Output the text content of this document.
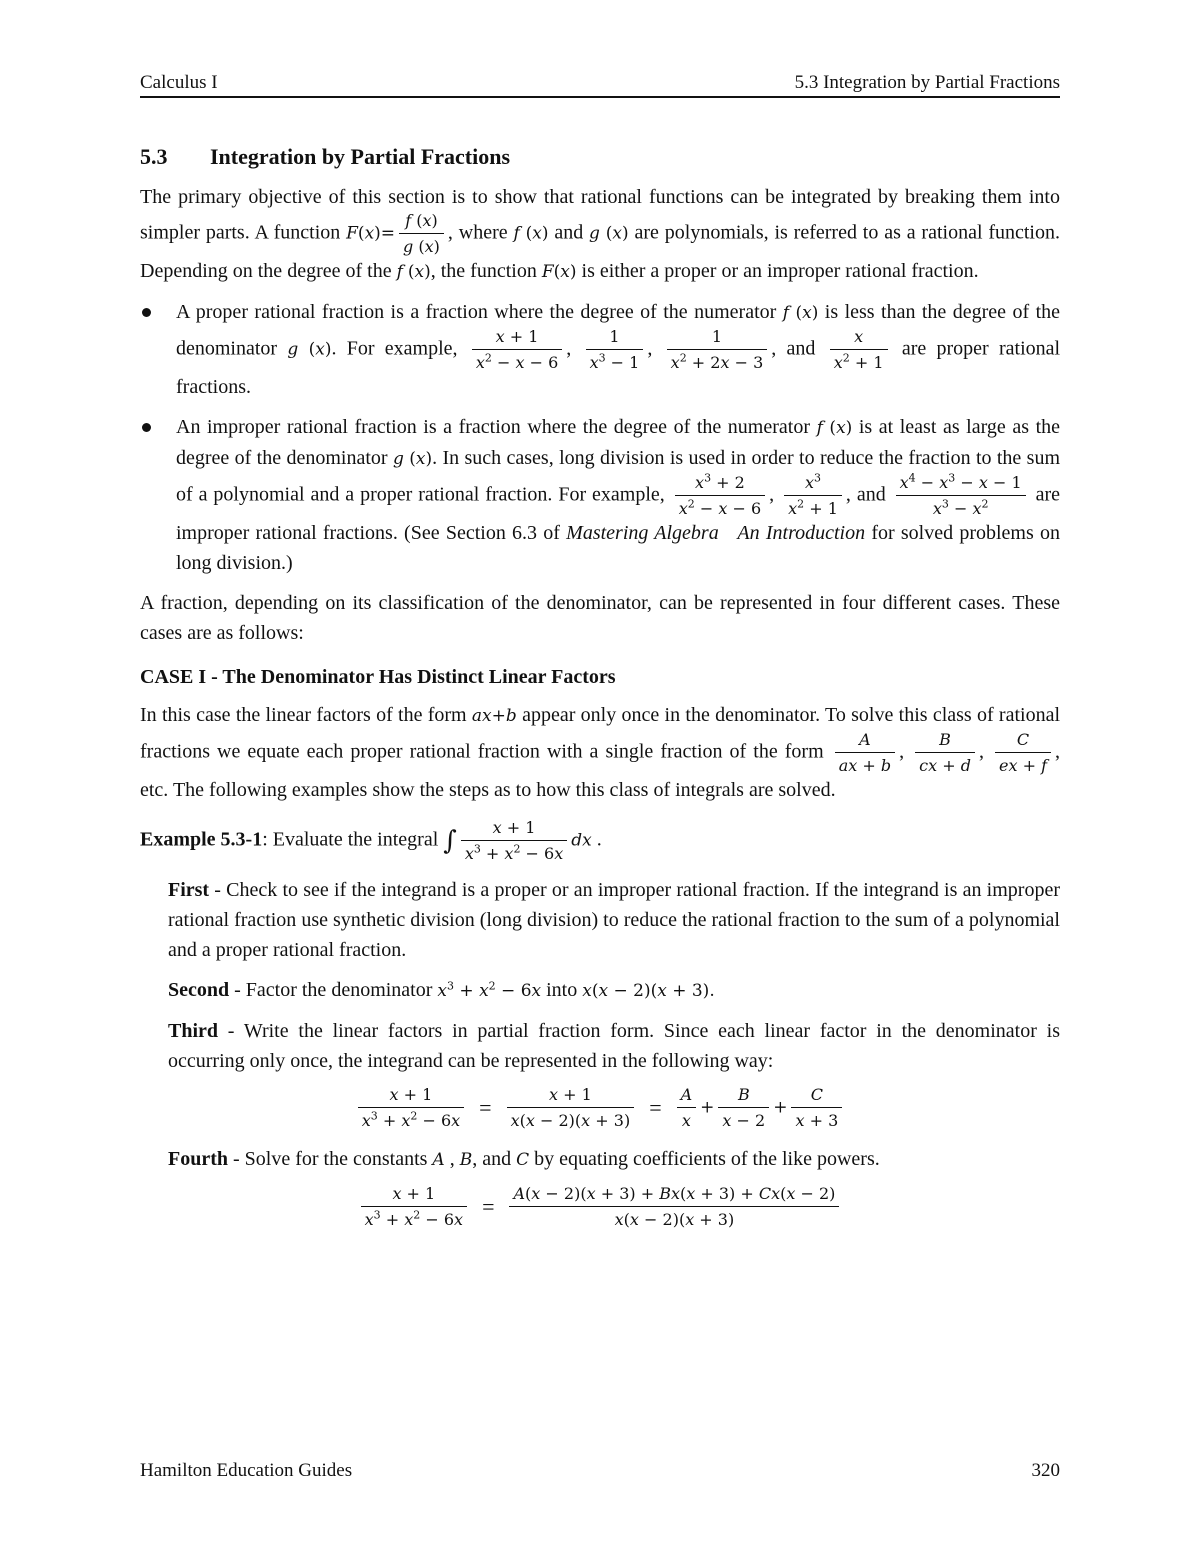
Calculus I	5.3 Integration by Partial Fractions
5.3 Integration by Partial Fractions

The primary objective of this section is to show that rational functions can be integrated by breaking them into simpler parts. A function $F(x)= \frac{f (x)}{g (x)}$ , where f (x) and g (x) are polynomials, is referred to as a rational function. Depending on the degree of the f (x), the function F(x) is either a proper or an improper rational fraction.

A proper rational fraction is a fraction where the degree of the numerator f (x) is less than the degree of the denominator g (x). For example, $\frac{x + 1}{x^2 - x - 6}$ , $\frac{1}{x^3 - 1}$ , $\frac{1}{x^2 + 2x - 3}$ , and $\frac{x}{x^2 + 1}$ are proper rational fractions.
An improper rational fraction is a fraction where the degree of the numerator f (x) is at least as large as the degree of the denominator g (x). In such cases, long division is used in order to reduce the fraction to the sum of a polynomial and a proper rational fraction. For example, $\frac{x^3 + 2}{x^2 - x - 6}$ , $\frac{x^3}{x^2 + 1}$ , and $\frac{x^4 - x^3 - x - 1}{x^3 - x^2}$ are improper rational fractions. (See Section 6.3 of Mastering Algebra An Introduction for solved problems on long division.)

A fraction, depending on its classification of the denominator, can be represented in four different cases. These cases are as follows:

CASE I - The Denominator Has Distinct Linear Factors

In this case the linear factors of the form ax+b appear only once in the denominator. To solve this class of rational fractions we equate each proper rational fraction with a single fraction of the form $\frac{A}{ax + b}$ , $\frac{B}{cx + d}$ , $\frac{C}{ex + f}$ , etc. The following examples show the steps as to how this class of integrals are solved.

Example 5.3-1: Evaluate the integral ∫ $\frac{x + 1}{x^3 + x^2 - 6x}$ dx .

First - Check to see if the integrand is a proper or an improper rational fraction. If the integrand is an improper rational fraction use synthetic division (long division) to reduce the rational fraction to the sum of a polynomial and a proper rational fraction.

Second - Factor the denominator $x^3 + x^2 - 6x$ into x(x − 2)(x + 3).

Third - Write the linear factors in partial fraction form. Since each linear factor in the denominator is occurring only once, the integrand can be represented in the following way:

$\frac{x + 1}{x^3 + x^2 - 6x} = \frac{x + 1}{x(x - 2)(x + 3)} = \frac{A}{x} + \frac{B}{x - 2} + \frac{C}{x + 3}$

Fourth - Solve for the constants A , B, and C by equating coefficients of the like powers.

$\frac{x + 1}{x^3 + x^2 - 6x} = \frac{A(x - 2)(x + 3) + Bx(x + 3) + Cx(x - 2)}{x(x - 2)(x + 3)}$
Hamilton Education Guides	320
